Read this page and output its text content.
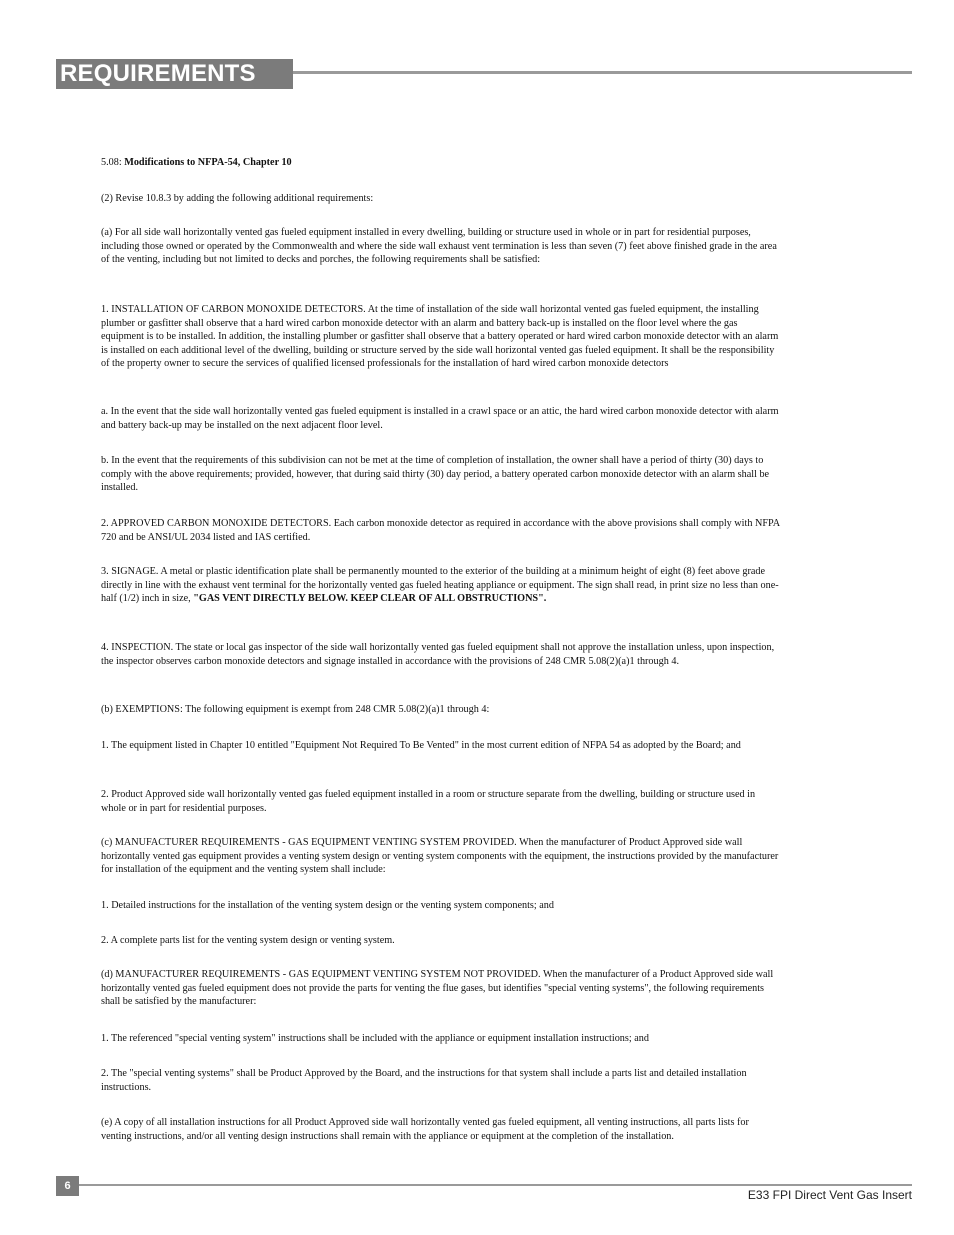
REQUIREMENTS

5.08: Modifications to NFPA-54, Chapter 10

(2) Revise 10.8.3 by adding the following additional requirements:

(a) For all side wall horizontally vented gas fueled equipment installed in every dwelling, building or structure used in whole or in part for residential purposes, including those owned or operated by the Commonwealth and where the side wall exhaust vent termination is less than seven (7) feet above finished grade in the area of the venting, including but not limited to decks and porches, the following requirements shall be satisfied:

1. INSTALLATION OF CARBON MONOXIDE DETECTORS. At the time of installation of the side wall horizontal vented gas fueled equipment, the installing plumber or gasfitter shall observe that a hard wired carbon monoxide detector with an alarm and battery back-up is installed on the floor level where the gas equipment is to be installed. In addition, the installing plumber or gasfitter shall observe that a battery operated or hard wired carbon monoxide detector with an alarm is installed on each additional level of the dwelling, building or structure served by the side wall horizontal vented gas fueled equipment. It shall be the responsibility of the property owner to secure the services of qualified licensed professionals for the installation of hard wired carbon monoxide detectors

a. In the event that the side wall horizontally vented gas fueled equipment is installed in a crawl space or an attic, the hard wired carbon monoxide detector with alarm and battery back-up may be installed on the next adjacent floor level.

b. In the event that the requirements of this subdivision can not be met at the time of completion of installation, the owner shall have a period of thirty (30) days to comply with the above requirements; provided, however, that during said thirty (30) day period, a battery operated carbon monoxide detector with an alarm shall be installed.

2. APPROVED CARBON MONOXIDE DETECTORS. Each carbon monoxide detector as required in accordance with the above provisions shall comply with NFPA 720 and be ANSI/UL 2034 listed and IAS certified.

3. SIGNAGE. A metal or plastic identification plate shall be permanently mounted to the exterior of the building at a minimum height of eight (8) feet above grade directly in line with the exhaust vent terminal for the horizontally vented gas fueled heating appliance or equipment. The sign shall read, in print size no less than one-half (1/2) inch in size, "GAS VENT DIRECTLY BELOW. KEEP CLEAR OF ALL OBSTRUCTIONS".

4. INSPECTION. The state or local gas inspector of the side wall horizontally vented gas fueled equipment shall not approve the installation unless, upon inspection, the inspector observes carbon monoxide detectors and signage installed in accordance with the provisions of 248 CMR 5.08(2)(a)1 through 4.

(b) EXEMPTIONS: The following equipment is exempt from 248 CMR 5.08(2)(a)1 through 4:

1. The equipment listed in Chapter 10 entitled "Equipment Not Required To Be Vented" in the most current edition of NFPA 54 as adopted by the Board; and

2. Product Approved side wall horizontally vented gas fueled equipment installed in a room or structure separate from the dwelling, building or structure used in whole or in part for residential purposes.

(c) MANUFACTURER REQUIREMENTS - GAS EQUIPMENT VENTING SYSTEM PROVIDED. When the manufacturer of Product Approved side wall horizontally vented gas equipment provides a venting system design or venting system components with the equipment, the instructions provided by the manufacturer for installation of the equipment and the venting system shall include:

1. Detailed instructions for the installation of the venting system design or the venting system components; and

2. A complete parts list for the venting system design or venting system.

(d) MANUFACTURER REQUIREMENTS - GAS EQUIPMENT VENTING SYSTEM NOT PROVIDED. When the manufacturer of a Product Approved side wall horizontally vented gas fueled equipment does not provide the parts for venting the flue gases, but identifies "special venting systems", the following requirements shall be satisfied by the manufacturer:

1. The referenced "special venting system" instructions shall be included with the appliance or equipment installation instructions; and

2. The "special venting systems" shall be Product Approved by the Board, and the instructions for that system shall include a parts list and detailed installation instructions.

(e) A copy of all installation instructions for all Product Approved side wall horizontally vented gas fueled equipment, all venting instructions, all parts lists for venting instructions, and/or all venting design instructions shall remain with the appliance or equipment at the completion of the installation.

6
E33 FPI Direct Vent Gas Insert
